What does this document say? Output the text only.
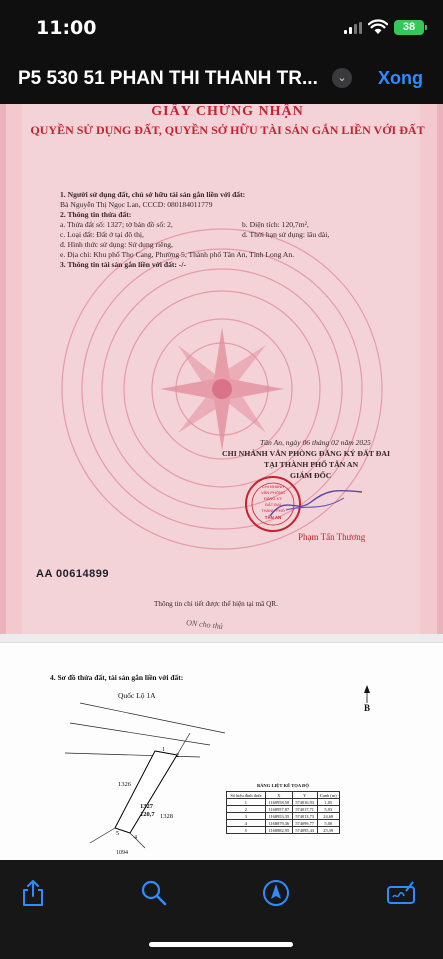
11:00	38
P5 530 51 PHAN THI THANH TR...	⌄ Xong
GIẤY CHỨNG NHẬN
QUYỀN SỬ DỤNG ĐẤT, QUYỀN SỞ HỮU TÀI SẢN GẮN LIỀN VỚI ĐẤT
1. Người sử dụng đất, chủ sở hữu tài sản gắn liền với đất:
Bà Nguyễn Thị Ngọc Lan, CCCD: 080184011779
2. Thông tin thửa đất:
a. Thửa đất số: 1327; tờ bản đồ số: 2,	b. Diện tích: 120,7m²,
c. Loại đất: Đất ở tại đô thị,	d. Thời hạn sử dụng: lâu dài,
đ. Hình thức sử dụng: Sử dụng riêng,
e. Địa chỉ: Khu phố Thọ Cang, Phường 5, Thành phố Tân An, Tỉnh Long An.
3. Thông tin tài sản gắn liền với đất: -/-
Tân An, ngày 06 tháng 02 năm 2025
CHI NHÁNH VĂN PHÒNG ĐĂNG KÝ ĐẤT ĐAI
TẠI THÀNH PHỐ TÂN AN
GIÁM ĐỐC
CHI NHÁNH
VĂN PHÒNG
ĐĂNG KÝ
ĐẤT ĐAI
THÀNH PHỐ
TÂN AN
Phạm Tấn Thương
AA 00614899
Thông tin chi tiết được thể hiện tại mã QR.
ON cho thủ
4. Sơ đồ thửa đất, tài sản gắn liền với đất:
Quốc Lộ 1A
B
1326
1327
120,7 1328
1094
5
4
1
2
BẢNG LIỆT KÊ TỌA ĐỘ
Số hiệu đỉnh thửa	X	Y	Cạnh (m)
1	1168958,58	574016,93	1,05
2	1168957,87	574017,71	5,93
3	1168953,35	574013,73	24,68
4	1168879,36	574099,77	5,00
5	1168882,95	574095,43	25,39
